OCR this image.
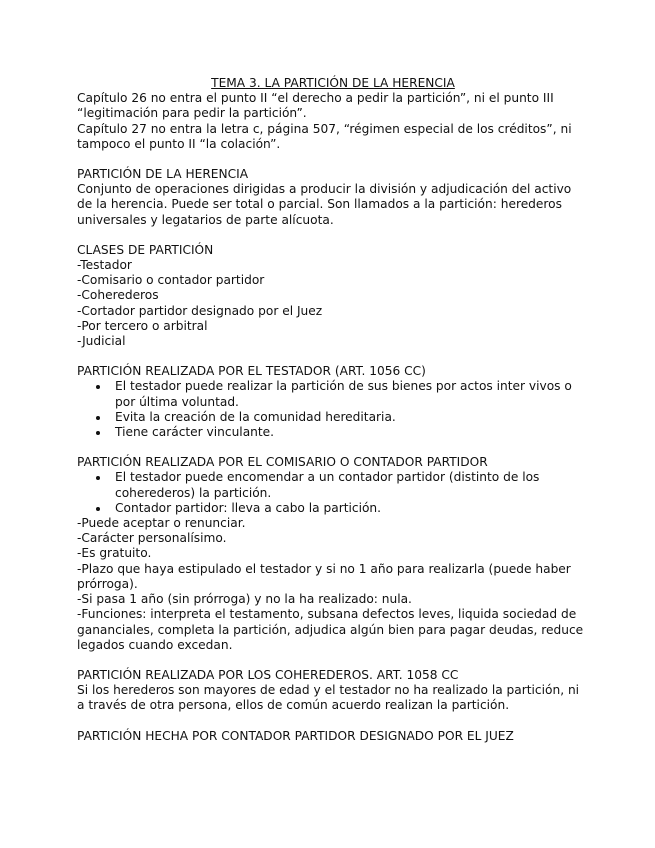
TEMA 3. LA PARTICIÓN DE LA HERENCIA

Capítulo 26 no entra el punto II “el derecho a pedir la partición”, ni el punto III “legitimación para pedir la partición”.

Capítulo 27 no entra la letra c, página 507, “régimen especial de los créditos”, ni tampoco el punto II “la colación”.

PARTICIÓN DE LA HERENCIA

Conjunto de operaciones dirigidas a producir la división y adjudicación del activo de la herencia. Puede ser total o parcial. Son llamados a la partición: herederos universales y legatarios de parte alícuota.

CLASES DE PARTICIÓN

-Testador

-Comisario o contador partidor

-Coherederos

-Cortador partidor designado por el Juez

-Por tercero o arbitral

-Judicial

PARTICIÓN REALIZADA POR EL TESTADOR (ART. 1056 CC)

El testador puede realizar la partición de sus bienes por actos inter vivos o por última voluntad.
Evita la creación de la comunidad hereditaria.
Tiene carácter vinculante.

PARTICIÓN REALIZADA POR EL COMISARIO O CONTADOR PARTIDOR

El testador puede encomendar a un contador partidor (distinto de los coherederos) la partición.
Contador partidor: lleva a cabo la partición.

-Puede aceptar o renunciar.

-Carácter personalísimo.

-Es gratuito.

-Plazo que haya estipulado el testador y si no 1 año para realizarla (puede haber prórroga).

-Si pasa 1 año (sin prórroga) y no la ha realizado: nula.

-Funciones: interpreta el testamento, subsana defectos leves, liquida sociedad de gananciales, completa la partición, adjudica algún bien para pagar deudas, reduce legados cuando excedan.

PARTICIÓN REALIZADA POR LOS COHEREDEROS. ART. 1058 CC

Si los herederos son mayores de edad y el testador no ha realizado la partición, ni a través de otra persona, ellos de común acuerdo realizan la partición.

PARTICIÓN HECHA POR CONTADOR PARTIDOR DESIGNADO POR EL JUEZ
